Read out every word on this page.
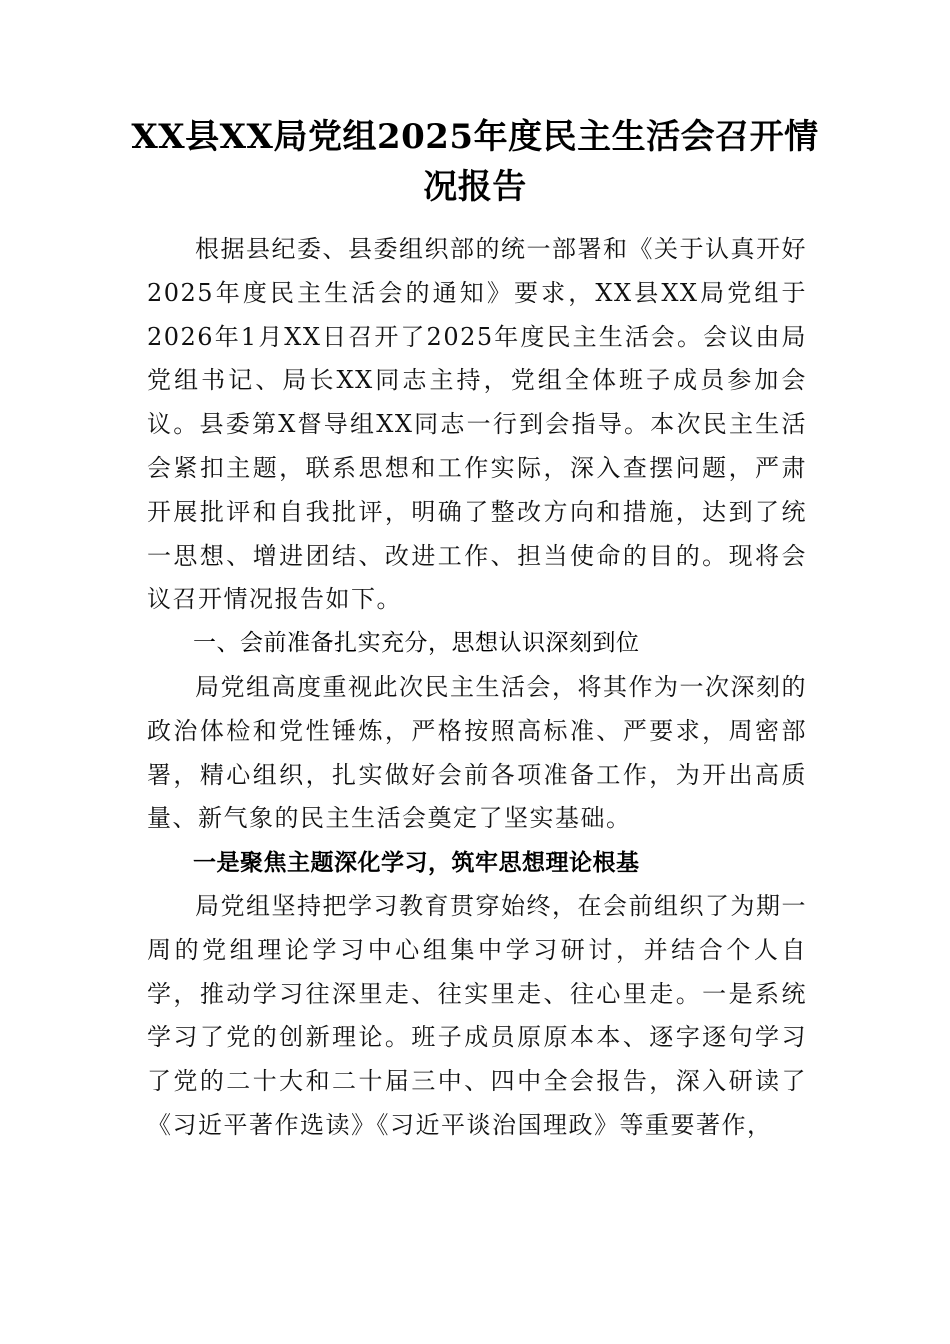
XX县XX局党组2025年度民主生活会召开情况报告

根据县纪委、县委组织部的统一部署和《关于认真开好2025年度民主生活会的通知》要求，XX县XX局党组于2026年1月XX日召开了2025年度民主生活会。会议由局党组书记、局长XX同志主持，党组全体班子成员参加会议。县委第X督导组XX同志一行到会指导。本次民主生活会紧扣主题，联系思想和工作实际，深入查摆问题，严肃开展批评和自我批评，明确了整改方向和措施，达到了统一思想、增进团结、改进工作、担当使命的目的。现将会议召开情况报告如下。

一、会前准备扎实充分，思想认识深刻到位

局党组高度重视此次民主生活会，将其作为一次深刻的政治体检和党性锤炼，严格按照高标准、严要求，周密部署，精心组织，扎实做好会前各项准备工作，为开出高质量、新气象的民主生活会奠定了坚实基础。

一是聚焦主题深化学习，筑牢思想理论根基

局党组坚持把学习教育贯穿始终，在会前组织了为期一周的党组理论学习中心组集中学习研讨，并结合个人自学，推动学习往深里走、往实里走、往心里走。一是系统学习了党的创新理论。班子成员原原本本、逐字逐句学习了党的二十大和二十届三中、四中全会报告，深入研读了《习近平著作选读》《习近平谈治国理政》等重要著作，
